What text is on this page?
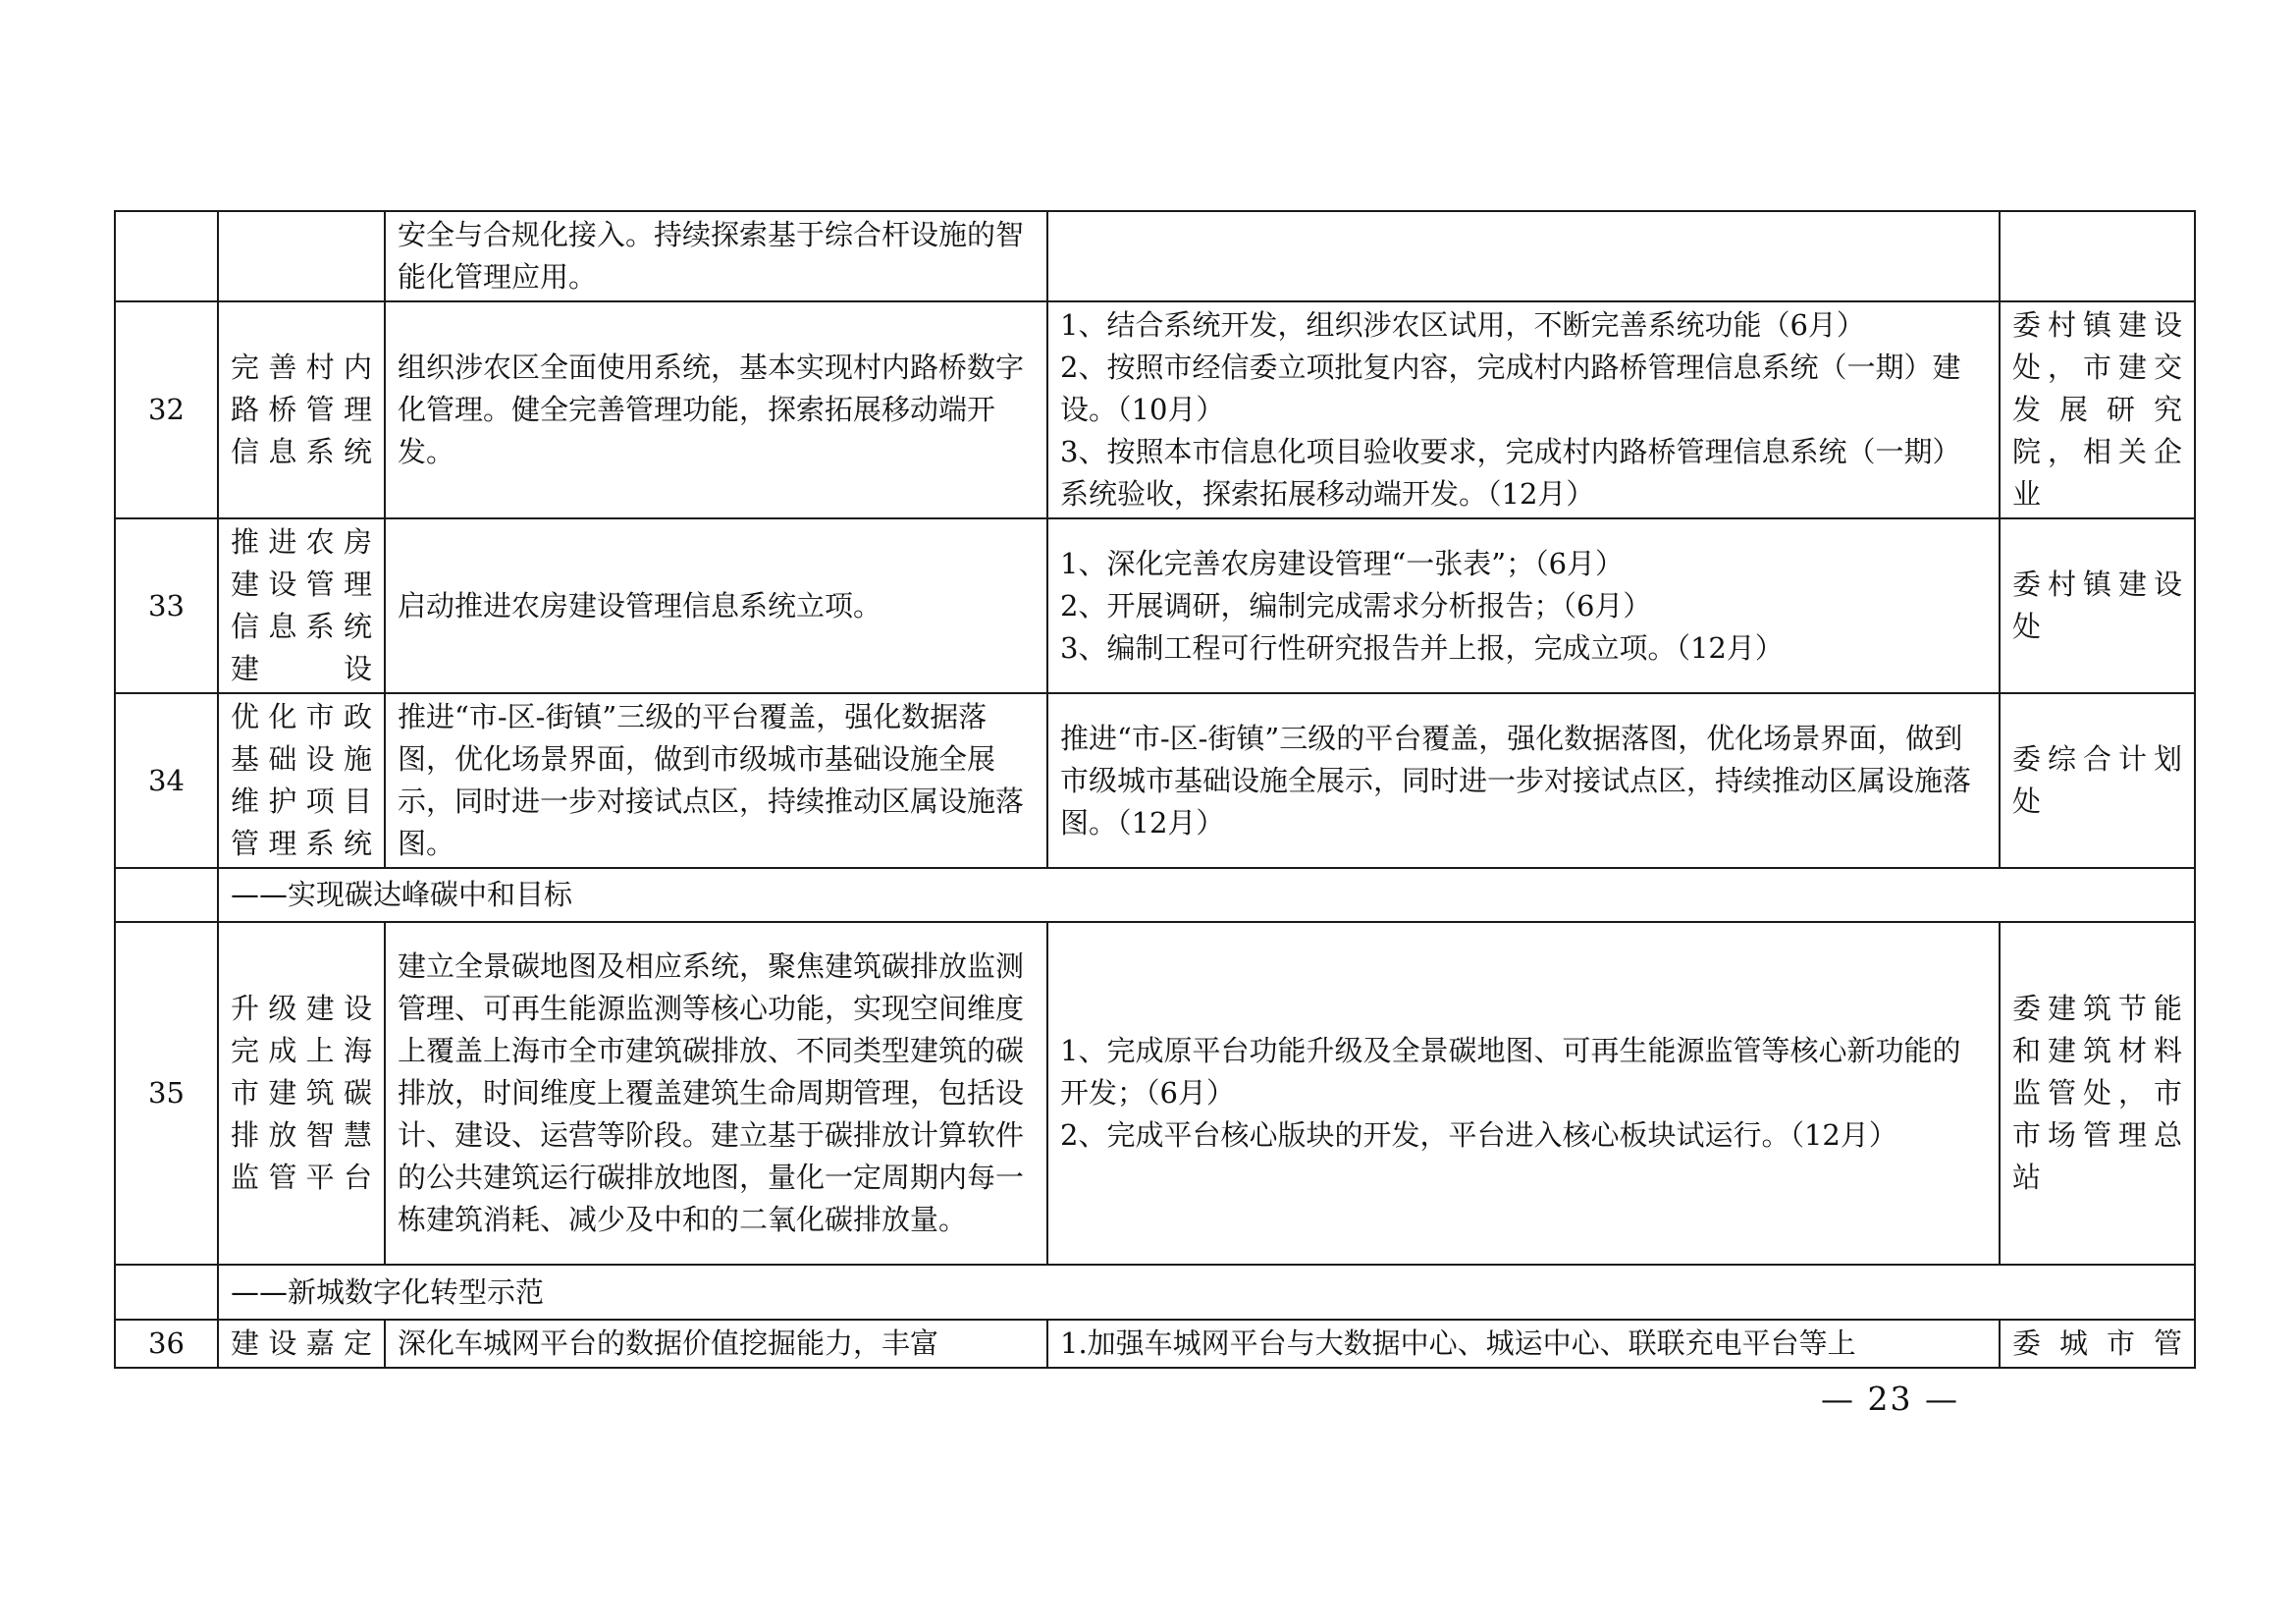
		安全与合规化接入。持续探索基于综合杆设施的智能化管理应用。		
32	完善村内路桥管理信息系统	组织涉农区全面使用系统，基本实现村内路桥数字化管理。健全完善管理功能，探索拓展移动端开发。	1、结合系统开发，组织涉农区试用，不断完善系统功能（6月）
2、按照市经信委立项批复内容，完成村内路桥管理信息系统（一期）建设。（10月）
3、按照本市信息化项目验收要求，完成村内路桥管理信息系统（一期）系统验收，探索拓展移动端开发。（12月）	委村镇建设处，市建交发展研究院，相关企业
33	推进农房建设管理信息系统建设	启动推进农房建设管理信息系统立项。	1、深化完善农房建设管理“一张表”；（6月）
2、开展调研，编制完成需求分析报告；（6月）
3、编制工程可行性研究报告并上报，完成立项。（12月）	委村镇建设处
34	优化市政基础设施维护项目管理系统	推进“市-区-街镇”三级的平台覆盖，强化数据落图，优化场景界面，做到市级城市基础设施全展示，同时进一步对接试点区，持续推动区属设施落图。	推进“市-区-街镇”三级的平台覆盖，强化数据落图，优化场景界面，做到市级城市基础设施全展示，同时进一步对接试点区，持续推动区属设施落图。（12月）	委综合计划处
	——实现碳达峰碳中和目标			
35	升级建设完成上海市建筑碳排放智慧监管平台	建立全景碳地图及相应系统，聚焦建筑碳排放监测管理、可再生能源监测等核心功能，实现空间维度上覆盖上海市全市建筑碳排放、不同类型建筑的碳排放，时间维度上覆盖建筑生命周期管理，包括设计、建设、运营等阶段。建立基于碳排放计算软件的公共建筑运行碳排放地图，量化一定周期内每一栋建筑消耗、减少及中和的二氧化碳排放量。	1、完成原平台功能升级及全景碳地图、可再生能源监管等核心新功能的开发；（6月）
2、完成平台核心版块的开发，平台进入核心板块试运行。（12月）	委建筑节能和建筑材料监管处，市市场管理总站
	——新城数字化转型示范			
36	建设嘉定	深化车城网平台的数据价值挖掘能力，丰富	1.加强车城网平台与大数据中心、城运中心、联联充电平台等上	委城市管
— 23 —
